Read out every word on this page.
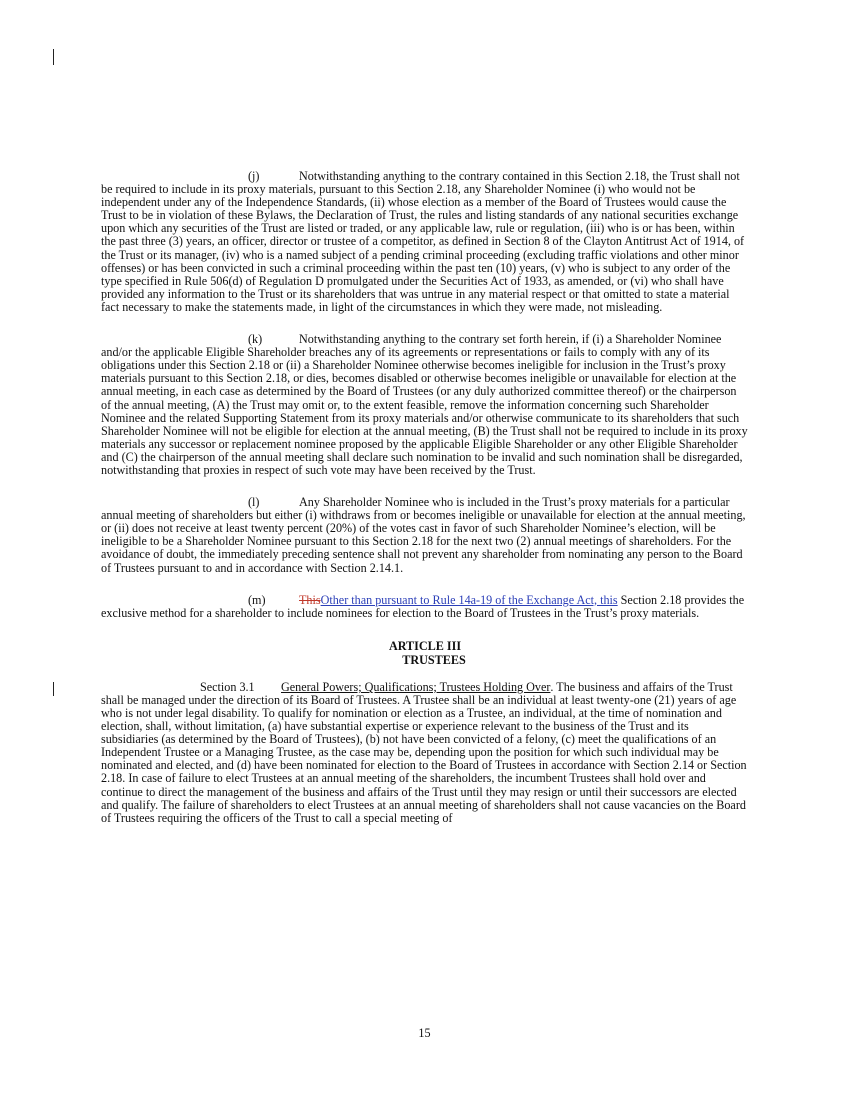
(j)	Notwithstanding anything to the contrary contained in this Section 2.18, the Trust shall not be required to include in its proxy materials, pursuant to this Section 2.18, any Shareholder Nominee (i) who would not be independent under any of the Independence Standards, (ii) whose election as a member of the Board of Trustees would cause the Trust to be in violation of these Bylaws, the Declaration of Trust, the rules and listing standards of any national securities exchange upon which any securities of the Trust are listed or traded, or any applicable law, rule or regulation, (iii) who is or has been, within the past three (3) years, an officer, director or trustee of a competitor, as defined in Section 8 of the Clayton Antitrust Act of 1914, of the Trust or its manager, (iv) who is a named subject of a pending criminal proceeding (excluding traffic violations and other minor offenses) or has been convicted in such a criminal proceeding within the past ten (10) years, (v) who is subject to any order of the type specified in Rule 506(d) of Regulation D promulgated under the Securities Act of 1933, as amended, or (vi) who shall have provided any information to the Trust or its shareholders that was untrue in any material respect or that omitted to state a material fact necessary to make the statements made, in light of the circumstances in which they were made, not misleading.

(k)	Notwithstanding anything to the contrary set forth herein, if (i) a Shareholder Nominee and/or the applicable Eligible Shareholder breaches any of its agreements or representations or fails to comply with any of its obligations under this Section 2.18 or (ii) a Shareholder Nominee otherwise becomes ineligible for inclusion in the Trust’s proxy materials pursuant to this Section 2.18, or dies, becomes disabled or otherwise becomes ineligible or unavailable for election at the annual meeting, in each case as determined by the Board of Trustees (or any duly authorized committee thereof) or the chairperson of the annual meeting, (A) the Trust may omit or, to the extent feasible, remove the information concerning such Shareholder Nominee and the related Supporting Statement from its proxy materials and/or otherwise communicate to its shareholders that such Shareholder Nominee will not be eligible for election at the annual meeting, (B) the Trust shall not be required to include in its proxy materials any successor or replacement nominee proposed by the applicable Eligible Shareholder or any other Eligible Shareholder and (C) the chairperson of the annual meeting shall declare such nomination to be invalid and such nomination shall be disregarded, notwithstanding that proxies in respect of such vote may have been received by the Trust.

(l)	Any Shareholder Nominee who is included in the Trust’s proxy materials for a particular annual meeting of shareholders but either (i) withdraws from or becomes ineligible or unavailable for election at the annual meeting, or (ii) does not receive at least twenty percent (20%) of the votes cast in favor of such Shareholder Nominee’s election, will be ineligible to be a Shareholder Nominee pursuant to this Section 2.18 for the next two (2) annual meetings of shareholders. For the avoidance of doubt, the immediately preceding sentence shall not prevent any shareholder from nominating any person to the Board of Trustees pursuant to and in accordance with Section 2.14.1.

(m)	ThisOther than pursuant to Rule 14a-19 of the Exchange Act, this Section 2.18 provides the exclusive method for a shareholder to include nominees for election to the Board of Trustees in the Trust’s proxy materials.

ARTICLE III
TRUSTEES

Section 3.1 General Powers; Qualifications; Trustees Holding Over. The business and affairs of the Trust shall be managed under the direction of its Board of Trustees. A Trustee shall be an individual at least twenty-one (21) years of age who is not under legal disability. To qualify for nomination or election as a Trustee, an individual, at the time of nomination and election, shall, without limitation, (a) have substantial expertise or experience relevant to the business of the Trust and its subsidiaries (as determined by the Board of Trustees), (b) not have been convicted of a felony, (c) meet the qualifications of an Independent Trustee or a Managing Trustee, as the case may be, depending upon the position for which such individual may be nominated and elected, and (d) have been nominated for election to the Board of Trustees in accordance with Section 2.14 or Section 2.18. In case of failure to elect Trustees at an annual meeting of the shareholders, the incumbent Trustees shall hold over and continue to direct the management of the business and affairs of the Trust until they may resign or until their successors are elected and qualify. The failure of shareholders to elect Trustees at an annual meeting of shareholders shall not cause vacancies on the Board of Trustees requiring the officers of the Trust to call a special meeting of

15
